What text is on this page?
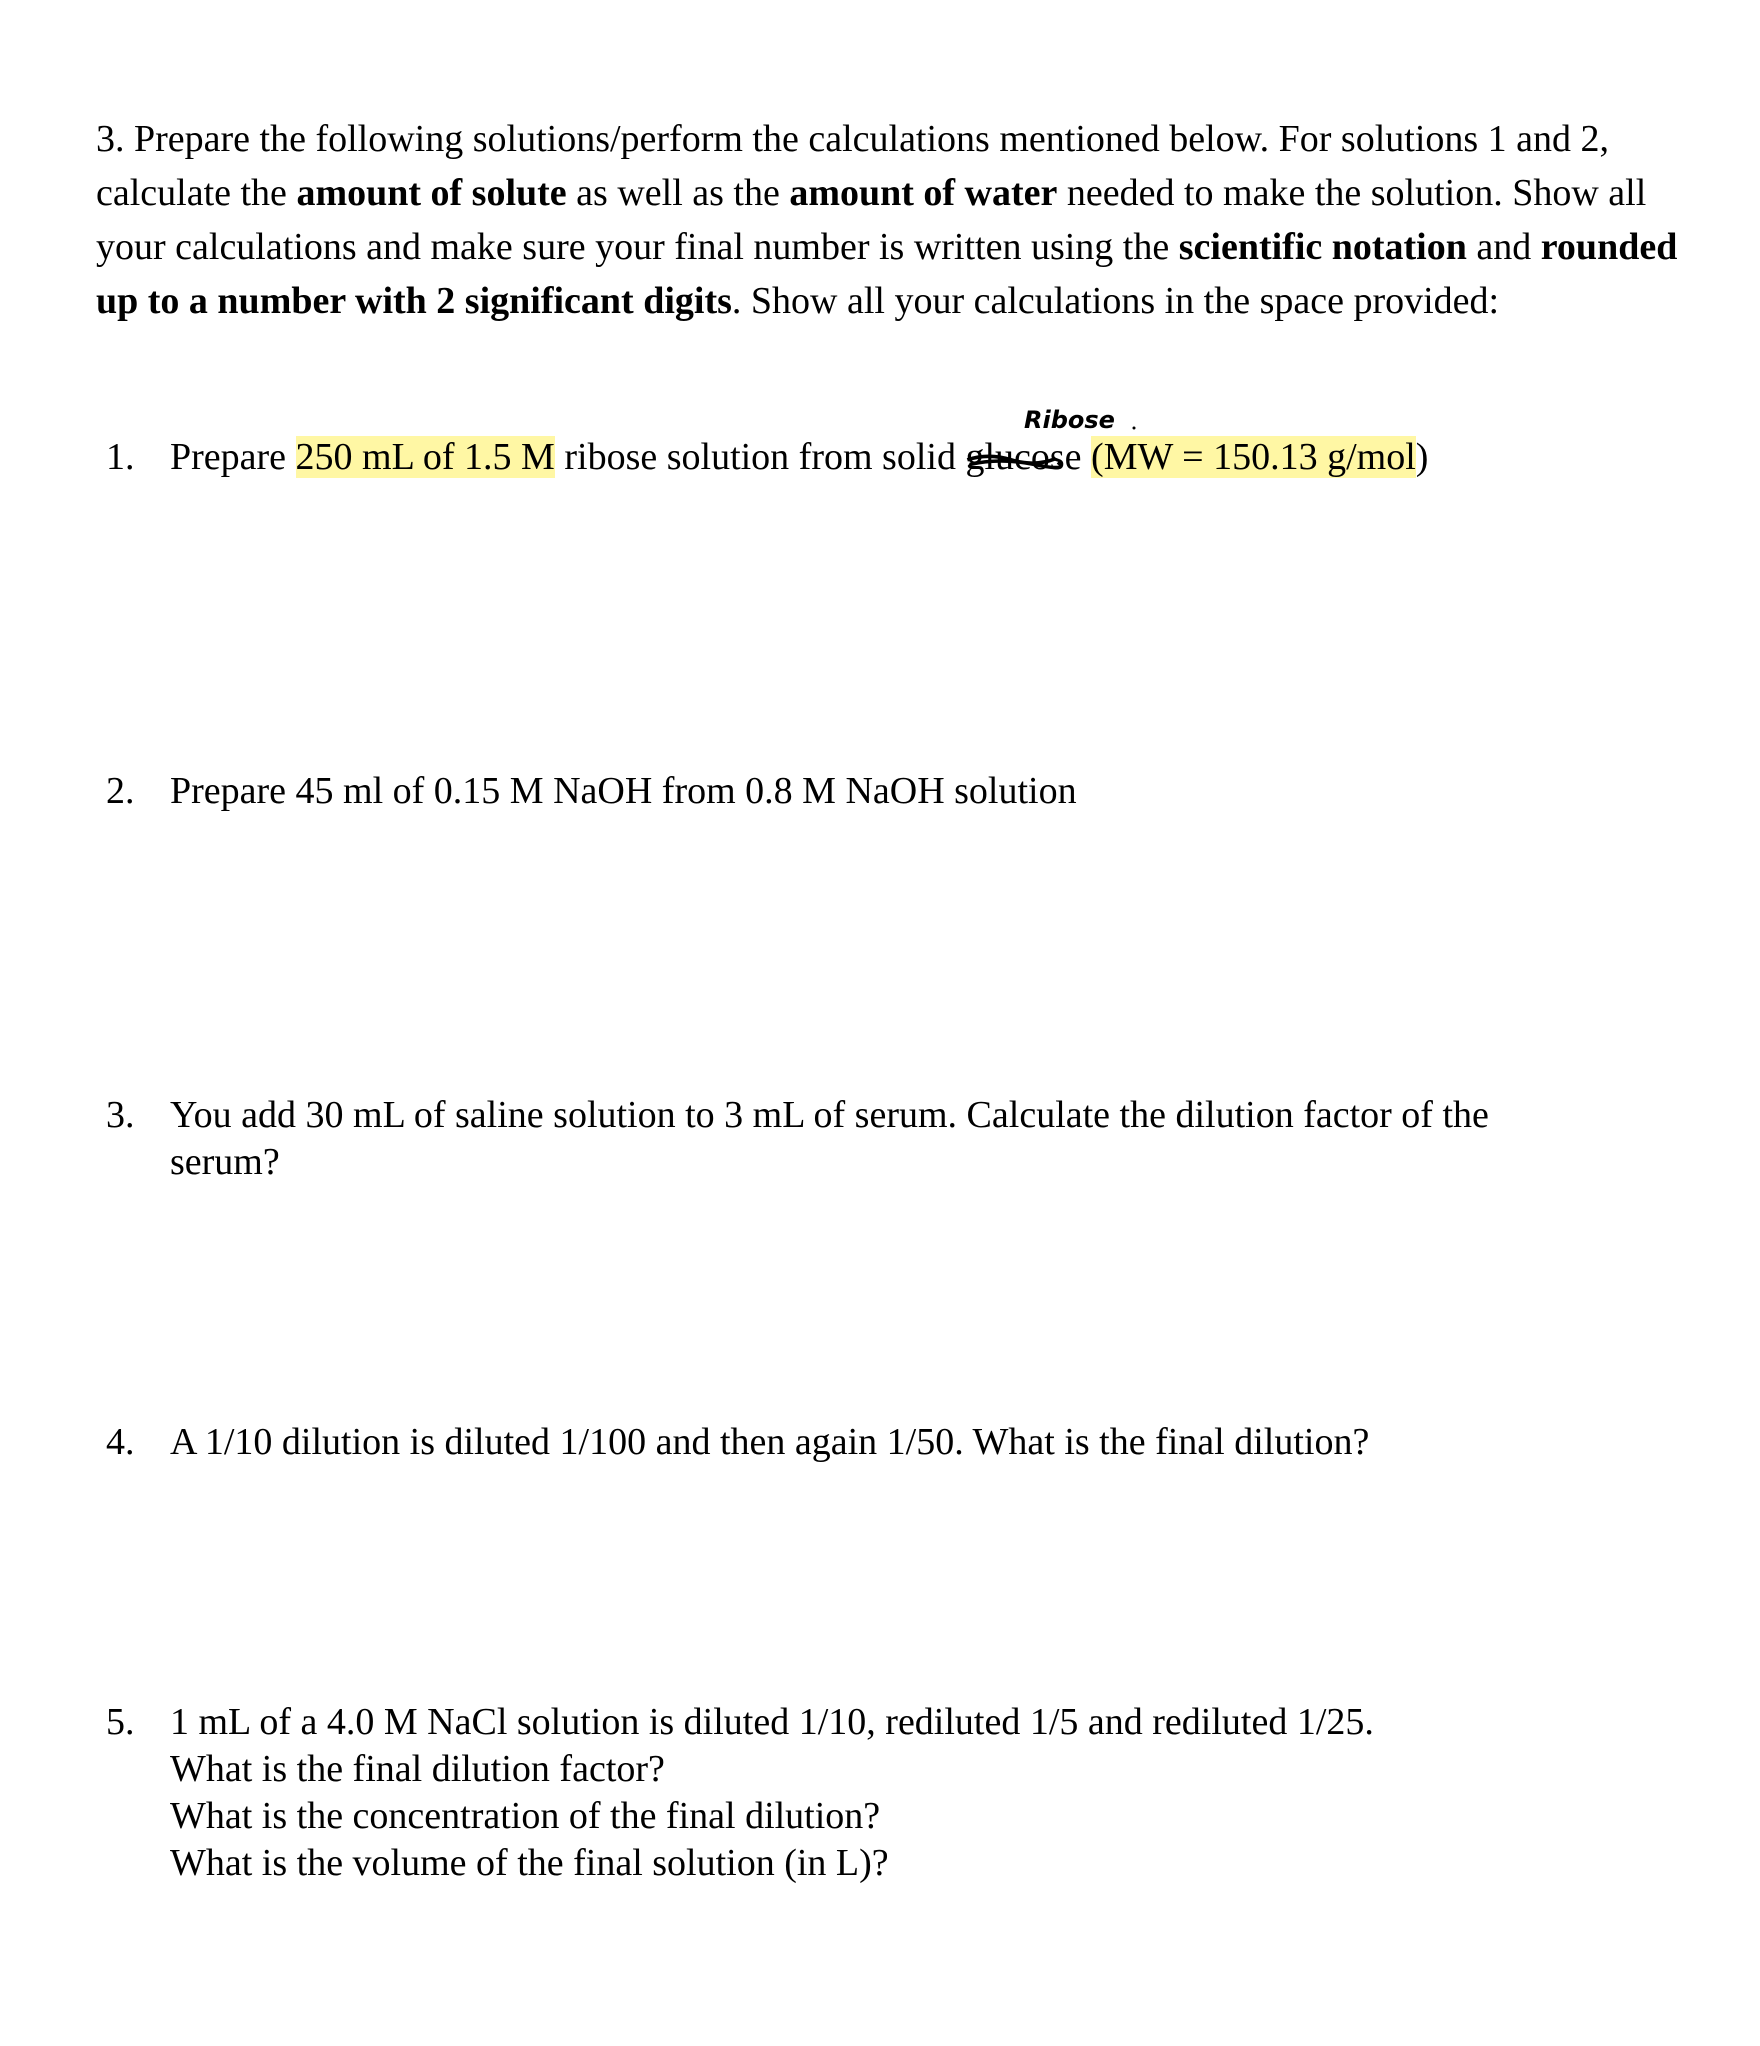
3. Prepare the following solutions/perform the calculations mentioned below. For solutions 1 and 2, calculate the amount of solute as well as the amount of water needed to make the solution. Show all your calculations and make sure your final number is written using the scientific notation and rounded up to a number with 2 significant digits. Show all your calculations in the space provided:
Ribose
1. Prepare 250 mL of 1.5 M ribose solution from solid glucose (MW = 150.13 g/mol)
2. Prepare 45 ml of 0.15 M NaOH from 0.8 M NaOH solution
3. You add 30 mL of saline solution to 3 mL of serum. Calculate the dilution factor of the
serum?
4. A 1/10 dilution is diluted 1/100 and then again 1/50. What is the final dilution?
5. 1 mL of a 4.0 M NaCl solution is diluted 1/10, rediluted 1/5 and rediluted 1/25.
What is the final dilution factor?
What is the concentration of the final dilution?
What is the volume of the final solution (in L)?
